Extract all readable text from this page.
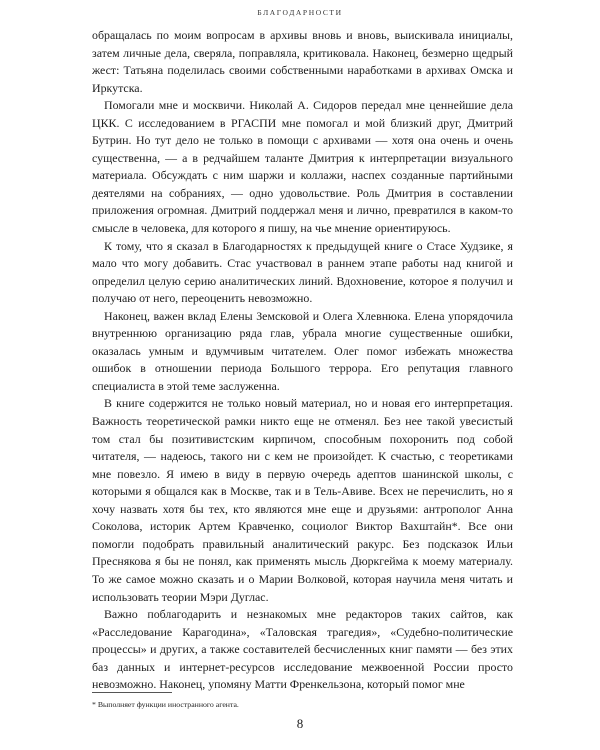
БЛАГОДАРНОСТИ

обращалась по моим вопросам в архивы вновь и вновь, выискивала инициалы, затем личные дела, сверяла, поправляла, критиковала. Наконец, безмерно щедрый жест: Татьяна поделилась своими собственными наработками в архивах Омска и Иркутска.

Помогали мне и москвичи. Николай А. Сидоров передал мне ценнейшие дела ЦКК. С исследованием в РГАСПИ мне помогал и мой близкий друг, Дмитрий Бутрин. Но тут дело не только в помощи с архивами — хотя она очень и очень существенна, — а в редчайшем таланте Дмитрия к интерпретации визуального материала. Обсуждать с ним шаржи и коллажи, наспех созданные партийными деятелями на собраниях, — одно удовольствие. Роль Дмитрия в составлении приложения огромная. Дмитрий поддержал меня и лично, превратился в каком-то смысле в человека, для которого я пишу, на чье мнение ориентируюсь.

К тому, что я сказал в Благодарностях к предыдущей книге о Стасе Худзике, я мало что могу добавить. Стас участвовал в раннем этапе работы над книгой и определил целую серию аналитических линий. Вдохновение, которое я получил и получаю от него, переоценить невозможно.

Наконец, важен вклад Елены Земсковой и Олега Хлевнюка. Елена упорядочила внутреннюю организацию ряда глав, убрала многие существенные ошибки, оказалась умным и вдумчивым читателем. Олег помог избежать множества ошибок в отношении периода Большого террора. Его репутация главного специалиста в этой теме заслуженна.

В книге содержится не только новый материал, но и новая его интерпретация. Важность теоретической рамки никто еще не отменял. Без нее такой увесистый том стал бы позитивистским кирпичом, способным похоронить под собой читателя, — надеюсь, такого ни с кем не произойдет. К счастью, с теоретиками мне повезло. Я имею в виду в первую очередь адептов шанинской школы, с которыми я общался как в Москве, так и в Тель-Авиве. Всех не перечислить, но я хочу назвать хотя бы тех, кто являются мне еще и друзьями: антрополог Анна Соколова, историк Артем Кравченко, социолог Виктор Вахштайн*. Все они помогли подобрать правильный аналитический ракурс. Без подсказок Ильи Преснякова я бы не понял, как применять мысль Дюркгейма к моему материалу. То же самое можно сказать и о Марии Волковой, которая научила меня читать и использовать теории Мэри Дуглас.

Важно поблагодарить и незнакомых мне редакторов таких сайтов, как «Расследование Карагодина», «Таловская трагедия», «Судебно-политические процессы» и других, а также составителей бесчисленных книг памяти — без этих баз данных и интернет-ресурсов исследование межвоенной России просто невозможно. Наконец, упомяну Матти Френкельзона, который помог мне

* Выполняет функции иностранного агента.
8
